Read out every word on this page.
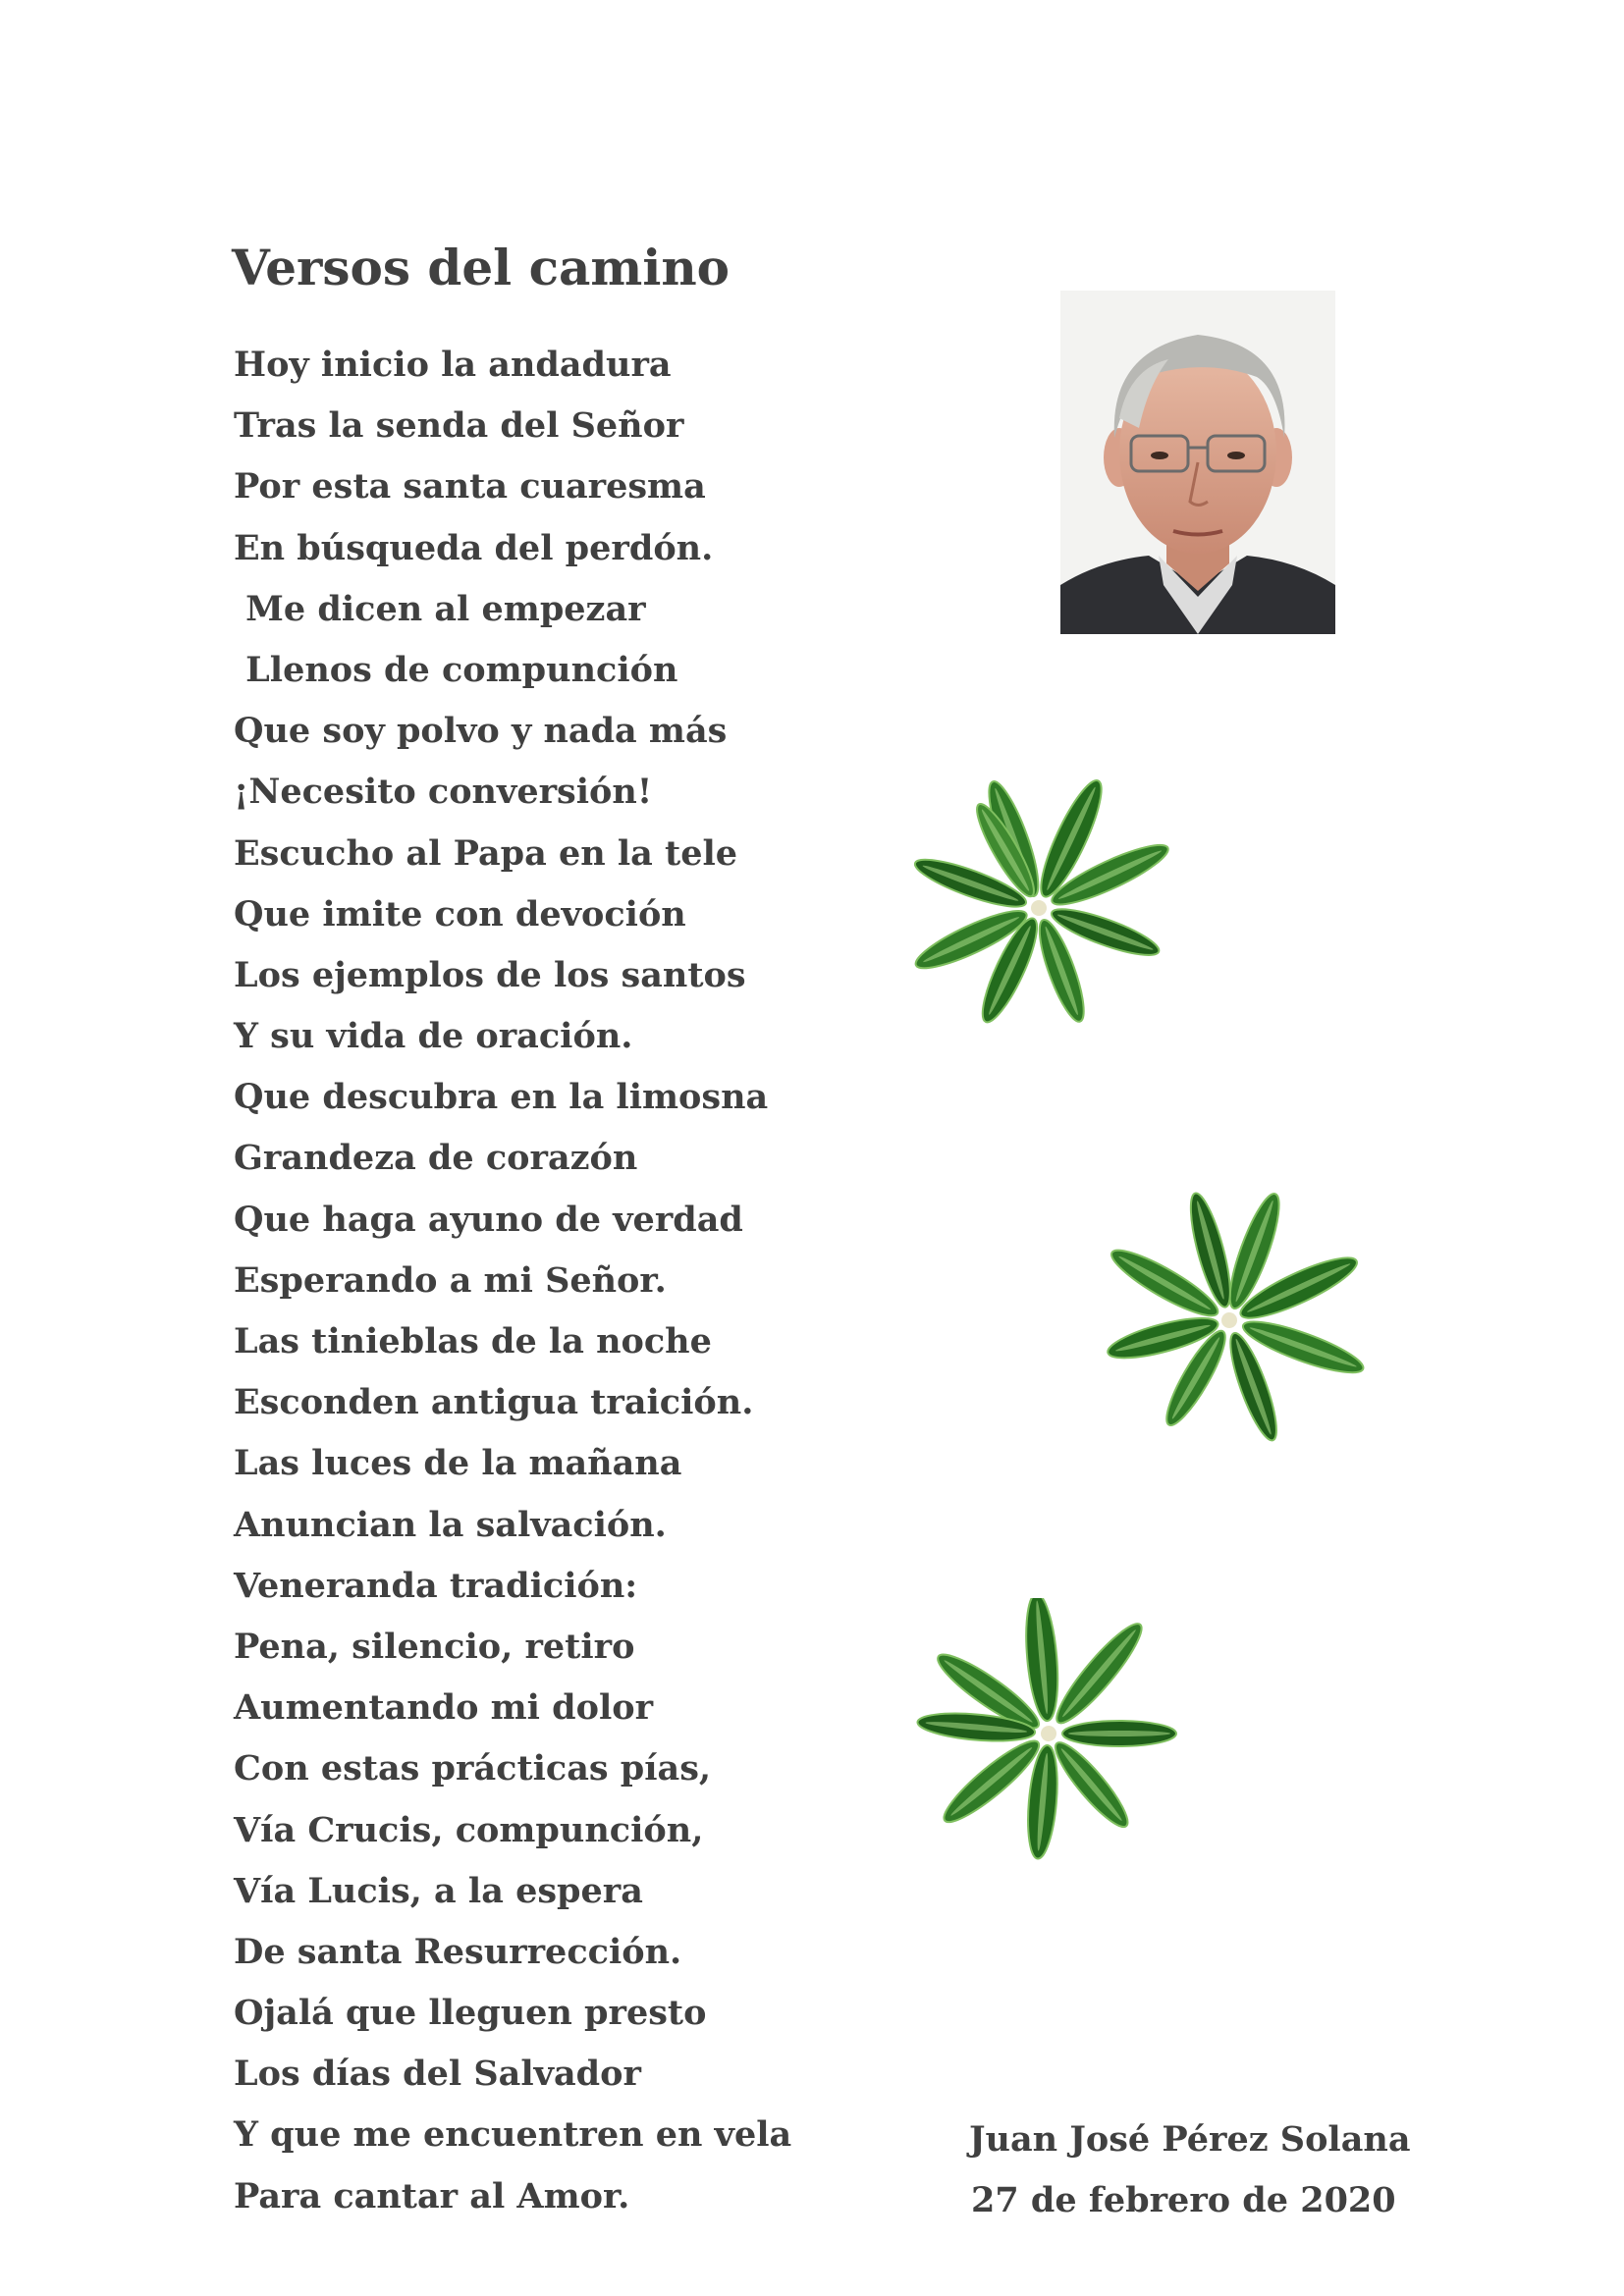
Versos del camino
Hoy inicio la andadura
Tras la senda del Señor
Por esta santa cuaresma
En búsqueda del perdón.
Me dicen al empezar
Llenos de compunción
Que soy polvo y nada más
¡Necesito conversión!
Escucho al Papa en la tele
Que imite con devoción
Los ejemplos de los santos
Y su vida de oración.
Que descubra en la limosna
Grandeza de corazón
Que haga ayuno de verdad
Esperando a mi Señor.
Las tinieblas de la noche
Esconden antigua traición.
Las luces de la mañana
Anuncian la salvación.
Veneranda tradición:
Pena, silencio, retiro
Aumentando mi dolor
Con estas prácticas pías,
Vía Crucis, compunción,
Vía Lucis, a la espera
De santa Resurrección.
Ojalá que lleguen presto
Los días del Salvador
Y que me encuentren en vela
Para cantar al Amor.
Juan José Pérez Solana
27 de febrero de 2020
